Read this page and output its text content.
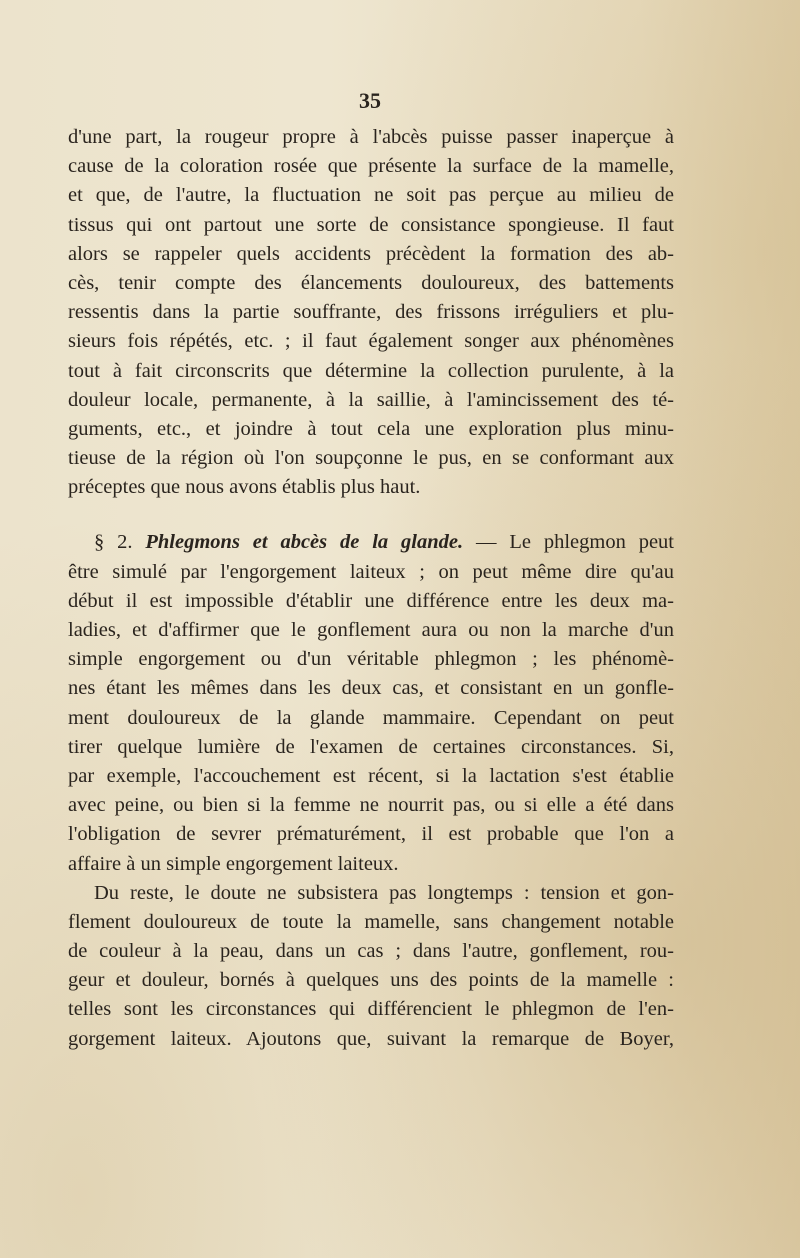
35
d'une part, la rougeur propre à l'abcès puisse passer inaperçue à
cause de la coloration rosée que présente la surface de la mamelle,
et que, de l'autre, la fluctuation ne soit pas perçue au milieu de
tissus qui ont partout une sorte de consistance spongieuse. Il faut
alors se rappeler quels accidents précèdent la formation des ab-
cès, tenir compte des élancements douloureux, des battements
ressentis dans la partie souffrante, des frissons irréguliers et plu-
sieurs fois répétés, etc. ; il faut également songer aux phénomènes
tout à fait circonscrits que détermine la collection purulente, à la
douleur locale, permanente, à la saillie, à l'amincissement des té-
guments, etc., et joindre à tout cela une exploration plus minu-
tieuse de la région où l'on soupçonne le pus, en se conformant aux
préceptes que nous avons établis plus haut.
§ 2. Phlegmons et abcès de la glande. — Le phlegmon peut
être simulé par l'engorgement laiteux ; on peut même dire qu'au
début il est impossible d'établir une différence entre les deux ma-
ladies, et d'affirmer que le gonflement aura ou non la marche d'un
simple engorgement ou d'un véritable phlegmon ; les phénomè-
nes étant les mêmes dans les deux cas, et consistant en un gonfle-
ment douloureux de la glande mammaire. Cependant on peut
tirer quelque lumière de l'examen de certaines circonstances. Si,
par exemple, l'accouchement est récent, si la lactation s'est établie
avec peine, ou bien si la femme ne nourrit pas, ou si elle a été dans
l'obligation de sevrer prématurément, il est probable que l'on a
affaire à un simple engorgement laiteux.
Du reste, le doute ne subsistera pas longtemps : tension et gon-
flement douloureux de toute la mamelle, sans changement notable
de couleur à la peau, dans un cas ; dans l'autre, gonflement, rou-
geur et douleur, bornés à quelques uns des points de la mamelle :
telles sont les circonstances qui différencient le phlegmon de l'en-
gorgement laiteux. Ajoutons que, suivant la remarque de Boyer,
